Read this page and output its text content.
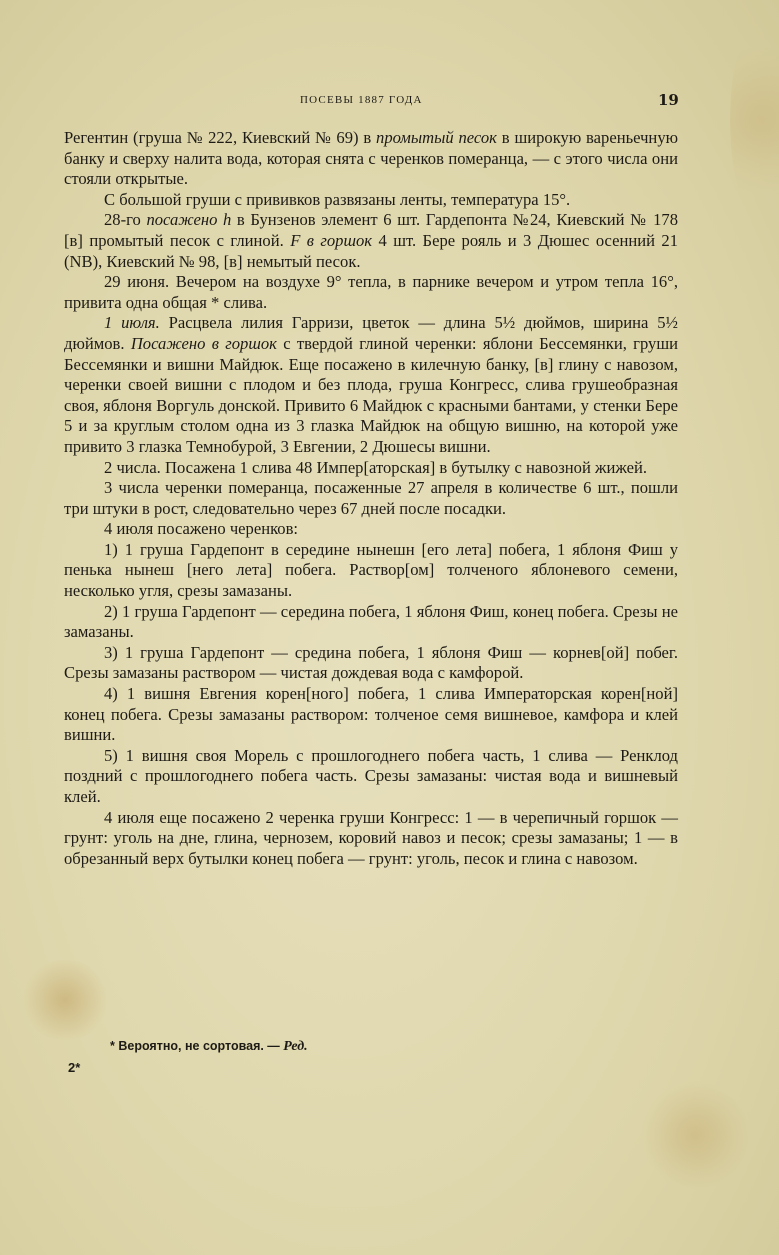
ПОСЕВЫ 1887 ГОДА	19

Регентин (груша № 222, Киевский № 69) в промытый песок в широкую вареньечную банку и сверху налита вода, которая снята с черенков померанца, — с этого числа они стояли открытые.

С большой груши с прививков развязаны ленты, температура 15°.

28-го посажено h в Бунзенов элемент 6 шт. Гардепонта №24, Киевский № 178 [в] промытый песок с глиной. F в горшок 4 шт. Бере рояль и 3 Дюшес осенний 21 (NB), Киевский № 98, [в] немытый песок.

29 июня. Вечером на воздухе 9° тепла, в парнике вечером и утром тепла 16°, привита одна общая * слива.

1 июля. Расцвела лилия Гарризи, цветок — длина 5½ дюймов, ширина 5½ дюймов. Посажено в горшок с твердой глиной черенки: яблони Бессемянки, груши Бессемянки и вишни Майдюк. Еще посажено в килечную банку, [в] глину с навозом, черенки своей вишни с плодом и без плода, груша Конгресс, слива грушеобразная своя, яблоня Воргуль донской. Привито 6 Майдюк с красными бантами, у стенки Бере 5 и за круглым столом одна из 3 глазка Майдюк на общую вишню, на которой уже привито 3 глазка Темнобурой, 3 Евгении, 2 Дюшесы вишни.

2 числа. Посажена 1 слива 48 Импер[аторская] в бутылку с навозной жижей.

3 числа черенки померанца, посаженные 27 апреля в количестве 6 шт., пошли три штуки в рост, следовательно через 67 дней после посадки.

4 июля посажено черенков:

1) 1 груша Гардепонт в середине нынешн [его лета] побега, 1 яблоня Фиш у пенька нынеш [него лета] побега. Раствор[ом] толченого яблоневого семени, несколько угля, срезы замазаны.

2) 1 груша Гардепонт — середина побега, 1 яблоня Фиш, конец побега. Срезы не замазаны.

3) 1 груша Гардепонт — средина побега, 1 яблоня Фиш — корнев[ой] побег. Срезы замазаны раствором — чистая дождевая вода с камфорой.

4) 1 вишня Евгения корен[ного] побега, 1 слива Императорская корен[ной] конец побега. Срезы замазаны раствором: толченое семя вишневое, камфора и клей вишни.

5) 1 вишня своя Морель с прошлогоднего побега часть, 1 слива — Ренклод поздний с прошлогоднего побега часть. Срезы замазаны: чистая вода и вишневый клей.

4 июля еще посажено 2 черенка груши Конгресс: 1 — в черепичный горшок — грунт: уголь на дне, глина, чернозем, коровий навоз и песок; срезы замазаны; 1 — в обрезанный верх бутылки конец побега — грунт: уголь, песок и глина с навозом.

* Вероятно, не сортовая. — Ред.
2*
